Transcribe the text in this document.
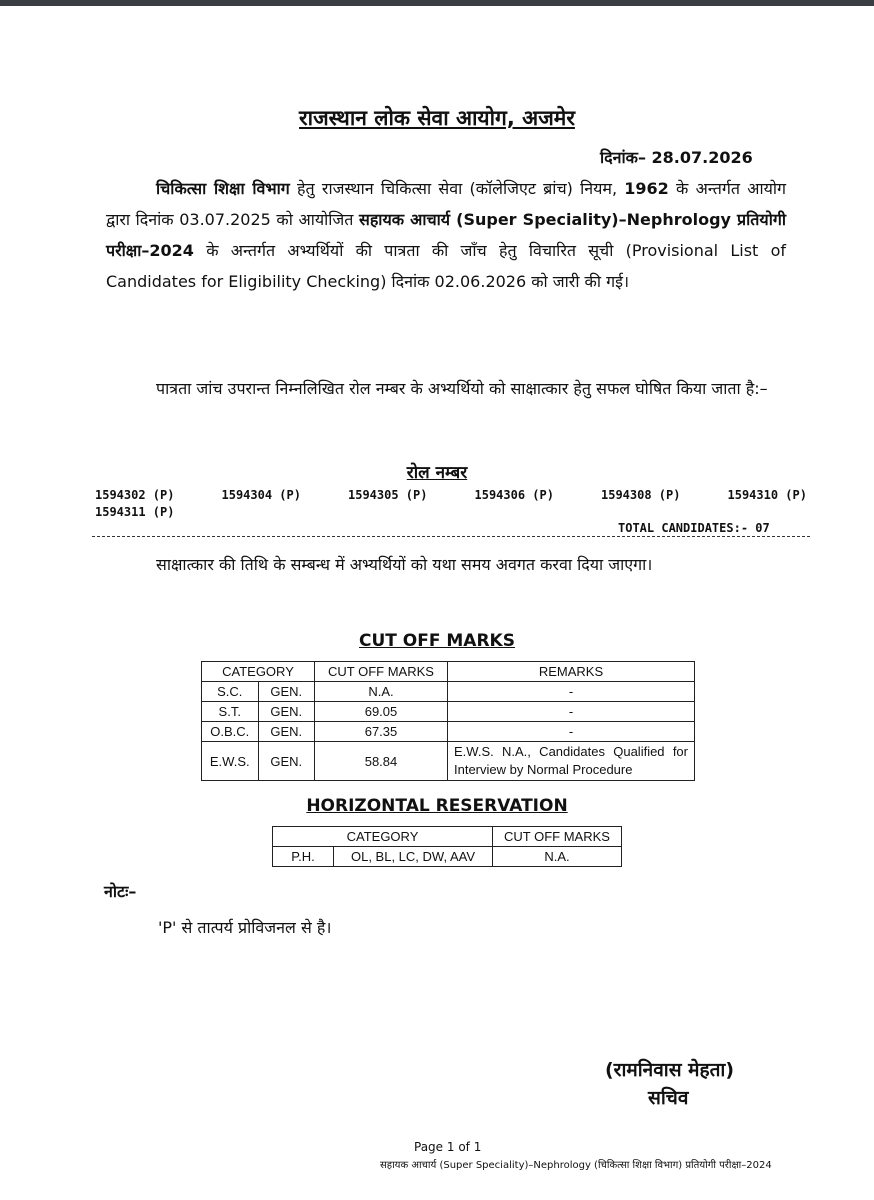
राजस्थान लोक सेवा आयोग, अजमेर
दिनांक– 28.07.2026
चिकित्सा शिक्षा विभाग हेतु राजस्थान चिकित्सा सेवा (कॉलेजिएट ब्रांच) नियम, 1962 के अन्तर्गत आयोग द्वारा दिनांक 03.07.2025 को आयोजित सहायक आचार्य (Super Speciality)–Nephrology प्रतियोगी परीक्षा–2024 के अन्तर्गत अभ्यर्थियों की पात्रता की जाँच हेतु विचारित सूची (Provisional List of Candidates for Eligibility Checking) दिनांक 02.06.2026 को जारी की गई।
पात्रता जांच उपरान्त निम्नलिखित रोल नम्बर के अभ्यर्थियो को साक्षात्कार हेतु सफल घोषित किया जाता है:–
रोल नम्बर
1594302 (P)	1594304 (P)	1594305 (P)	1594306 (P)	1594308 (P)	1594310 (P)
1594311 (P)
TOTAL CANDIDATES:- 07
साक्षात्कार की तिथि के सम्बन्ध में अभ्यर्थियों को यथा समय अवगत करवा दिया जाएगा।
CUT OFF MARKS
CATEGORY		CUT OFF MARKS	REMARKS
S.C.	GEN.	N.A.	-
S.T.	GEN.	69.05	-
O.B.C.	GEN.	67.35	-
E.W.S.	GEN.	58.84	E.W.S. N.A., Candidates Qualified for Interview by Normal Procedure
HORIZONTAL RESERVATION
CATEGORY		CUT OFF MARKS
P.H.	OL, BL, LC, DW, AAV	N.A.
नोटः–
'P' से तात्पर्य प्रोविजनल से है।
(रामनिवास मेहता)
सचिव
Page 1 of 1
सहायक आचार्य (Super Speciality)–Nephrology (चिकित्सा शिक्षा विभाग) प्रतियोगी परीक्षा–2024
